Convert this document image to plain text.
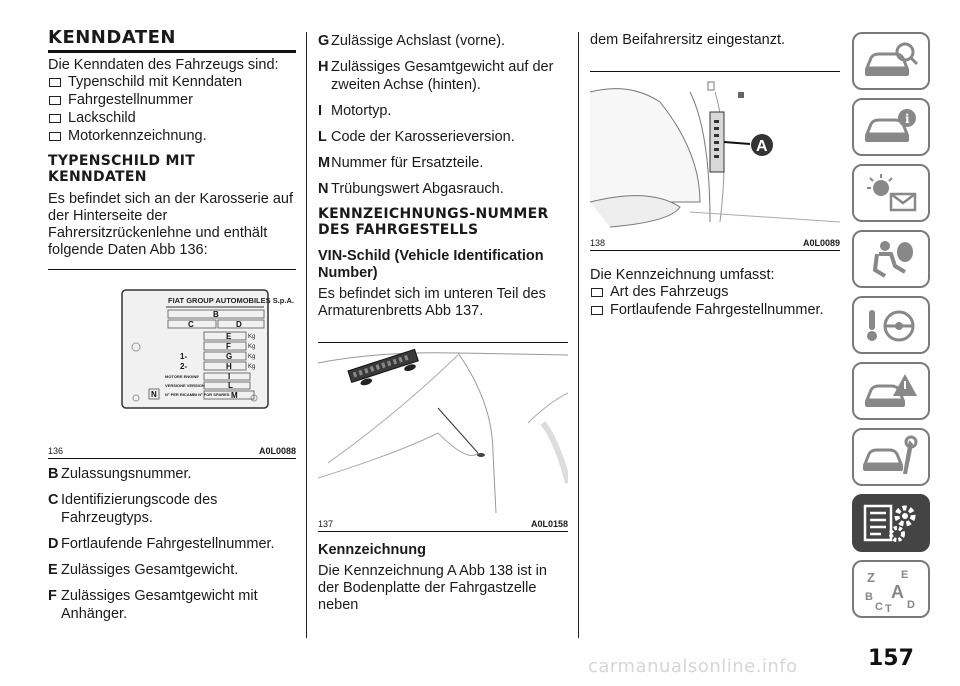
KENNDATEN

Die Kenndaten des Fahrzeugs sind:

Typenschild mit Kenndaten
Fahrgestellnummer
Lackschild
Motorkennzeichnung.
TYPENSCHILD MIT KENNDATEN

Es befindet sich an der Karosserie auf der Hinterseite der Fahrersitzrückenlehne und enthält folgende Daten Abb 136:

FIAT GROUP AUTOMOBILES S.p.A.
B
C	D
E
F
G
H
I
L
M
N
1-
2-
Kg
Kg
Kg
Kg
MOTORE ENGINE
VERSIONE VERSION
N° PER RICAMBI N° FOR SPARES
136	A0L0088
B Zulassungsnummer.
C Identifizierungscode des Fahrzeugtyps.
D Fortlaufende Fahrgestellnummer.
E Zulässiges Gesamtgewicht.
F Zulässiges Gesamtgewicht mit Anhänger.
G Zulässige Achslast (vorne).
H Zulässiges Gesamtgewicht auf der zweiten Achse (hinten).
I Motortyp.
L Code der Karosserieversion.
M Nummer für Ersatzteile.
N Trübungswert Abgasrauch.
KENNZEICHNUNGS-NUMMER DES FAHRGESTELLS
VIN-Schild (Vehicle Identification Number)

Es befindet sich im unteren Teil des Armaturenbretts Abb 137.

137	A0L0158
Kennzeichnung

Die Kennzeichnung A Abb 138 ist in der Bodenplatte der Fahrgastzelle neben

dem Beifahrersitz eingestanzt.

A
138	A0L0089

Die Kennzeichnung umfasst:

Art des Fahrzeugs
Fortlaufende Fahrgestellnummer.
i
Z E
A
B
C T D
157
carmanualsonline.info
